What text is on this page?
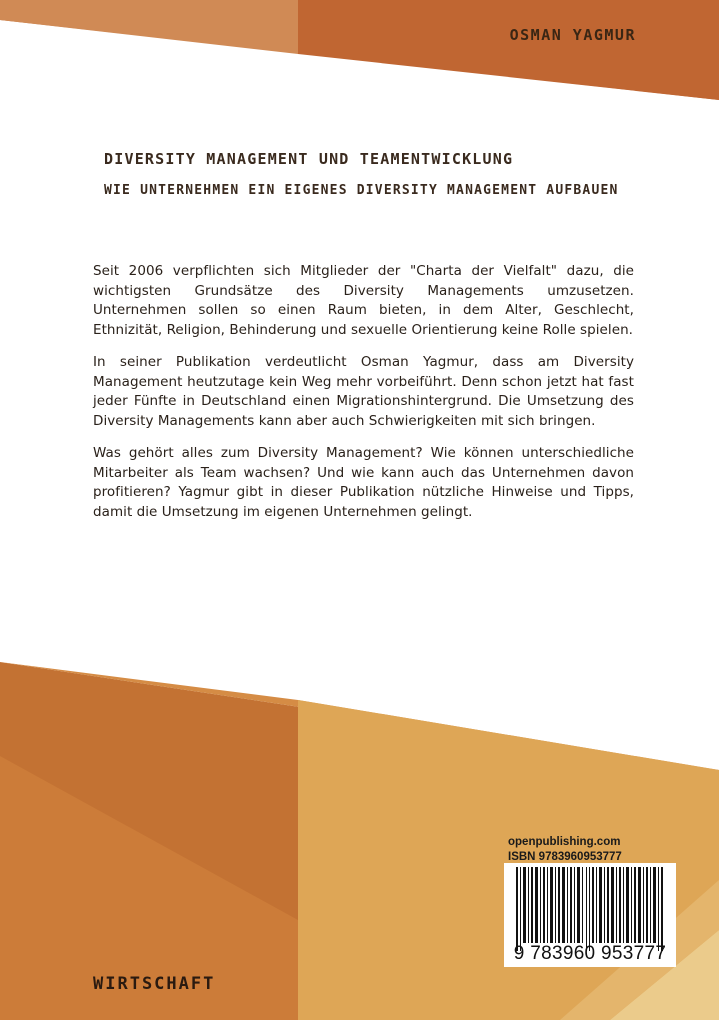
OSMAN YAGMUR
DIVERSITY MANAGEMENT UND TEAMENTWICKLUNG
WIE UNTERNEHMEN EIN EIGENES DIVERSITY MANAGEMENT AUFBAUEN

Seit 2006 verpflichten sich Mitglieder der "Charta der Vielfalt" dazu, die wichtigsten Grundsätze des Diversity Managements umzusetzen. Unternehmen sollen so einen Raum bieten, in dem Alter, Geschlecht, Ethnizität, Religion, Behinderung und sexuelle Orientierung keine Rolle spielen.

In seiner Publikation verdeutlicht Osman Yagmur, dass am Diversity Management heutzutage kein Weg mehr vorbeiführt. Denn schon jetzt hat fast jeder Fünfte in Deutschland einen Migrationshintergrund. Die Umsetzung des Diversity Managements kann aber auch Schwierigkeiten mit sich bringen.

Was gehört alles zum Diversity Management? Wie können unterschiedliche Mitarbeiter als Team wachsen? Und wie kann auch das Unternehmen davon profitieren? Yagmur gibt in dieser Publikation nützliche Hinweise und Tipps, damit die Umsetzung im eigenen Unternehmen gelingt.

openpublishing.com
ISBN 9783960953777
9 783960 953777
WIRTSCHAFT
